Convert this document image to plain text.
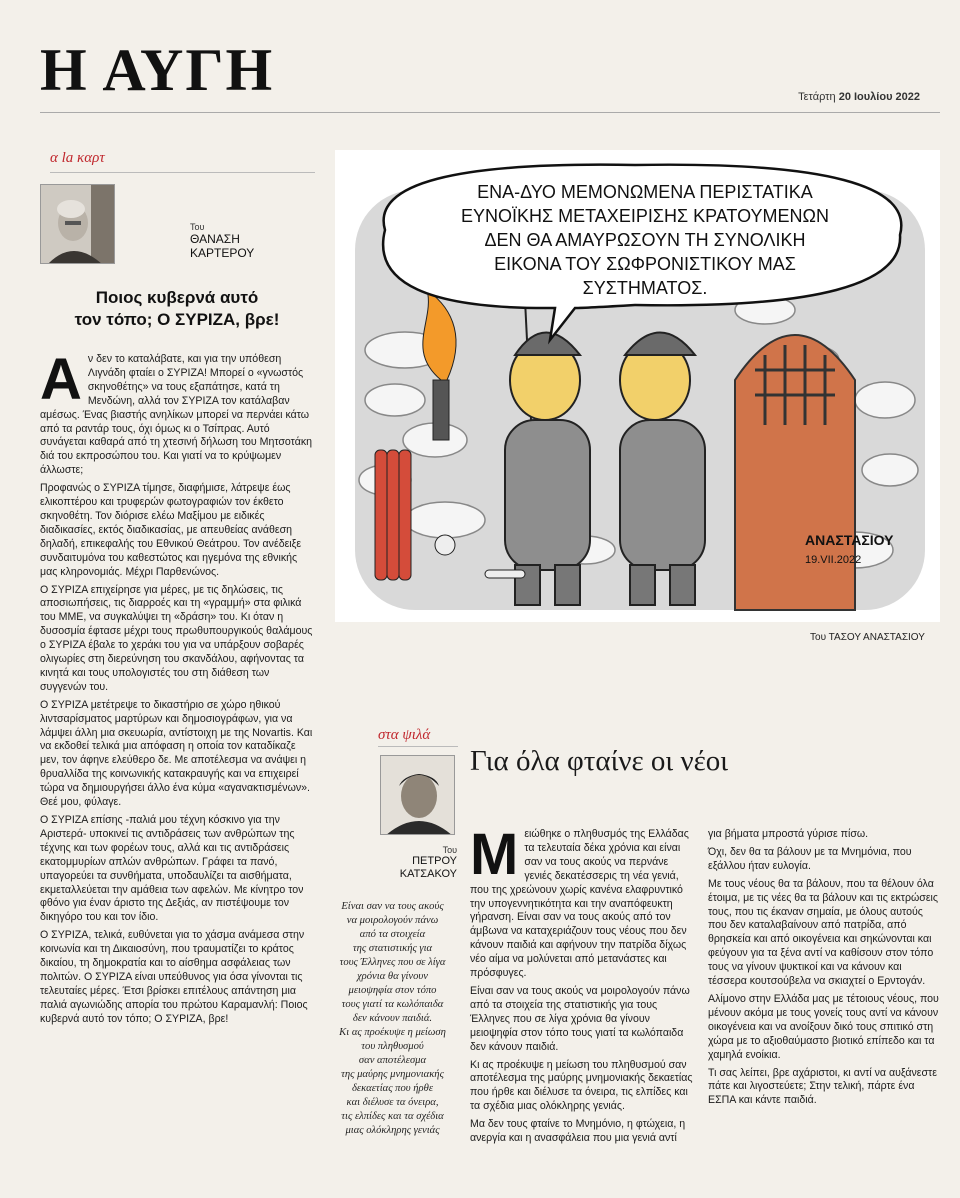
Η ΑΥΓΗ	Τετάρτη 20 Ιουλίου 2022
α la καρτ
Του
ΘΑΝΑΣΗ
ΚΑΡΤΕΡΟΥ
Ποιος κυβερνά αυτό
τον τόπο; Ο ΣΥΡΙΖΑ, βρε!
Α ν δεν το καταλάβατε, και για την υπόθεση Λιγνάδη φταίει ο ΣΥΡΙΖΑ! Μπορεί ο «γνωστός σκηνοθέτης» να τους εξαπάτησε, κατά τη Μενδώνη, αλλά τον ΣΥΡΙΖΑ τον κατάλαβαν αμέσως. Ένας βιαστής ανηλίκων μπορεί να περνάει κάτω από τα ραντάρ τους, όχι όμως κι ο Τσίπρας. Αυτό συνάγεται καθαρά από τη χτεσινή δήλωση του Μητσοτάκη διά του εκπροσώπου του. Και γιατί να το κρύψωμεν άλλωστε;

Προφανώς ο ΣΥΡΙΖΑ τίμησε, διαφήμισε, λάτρεψε έως ελικοπτέρου και τρυφερών φωτογραφιών τον έκθετο σκηνοθέτη. Τον διόρισε ελέω Μαξίμου με ειδικές διαδικασίες, εκτός διαδικασίας, με απευθείας ανάθεση δηλαδή, επικεφαλής του Εθνικού Θεάτρου. Τον ανέδειξε συνδαιτυμόνα του καθεστώτος και ηγεμόνα της εθνικής μας κληρονομιάς. Μέχρι Παρθενώνος.

Ο ΣΥΡΙΖΑ επιχείρησε για μέρες, με τις δηλώσεις, τις αποσιωπήσεις, τις διαρροές και τη «γραμμή» στα φιλικά του ΜΜΕ, να συγκαλύψει τη «δράση» του. Κι όταν η δυσοσμία έφτασε μέχρι τους πρωθυπουργικούς θαλάμους ο ΣΥΡΙΖΑ έβαλε το χεράκι του για να υπάρξουν σοβαρές ολιγωρίες στη διερεύνηση του σκανδάλου, αφήνοντας τα κινητά και τους υπολογιστές του στη διάθεση των συγγενών του.

Ο ΣΥΡΙΖΑ μετέτρεψε το δικαστήριο σε χώρο ηθικού λιντσαρίσματος μαρτύρων και δημοσιογράφων, για να λάμψει άλλη μια σκευωρία, αντίστοιχη με της Novartis. Και να εκδοθεί τελικά μια απόφαση η οποία τον καταδίκαζε μεν, τον άφηνε ελεύθερο δε. Με αποτέλεσμα να ανάψει η θρυαλλίδα της κοινωνικής κατακραυγής και να επιχειρεί τώρα να δημιουργήσει άλλο ένα κύμα «αγανακτισμένων». Θεέ μου, φύλαγε.

Ο ΣΥΡΙΖΑ επίσης -παλιά μου τέχνη κόσκινο για την Αριστερά- υποκινεί τις αντιδράσεις των ανθρώπων της τέχνης και των φορέων τους, αλλά και τις αντιδράσεις εκατομμυρίων απλών ανθρώπων. Γράφει τα πανό, υπαγορεύει τα συνθήματα, υποδαυλίζει τα αισθήματα, εκμεταλλεύεται την αμάθεια των αφελών. Με κίνητρο τον φθόνο για έναν άριστο της Δεξιάς, αν πιστέψουμε τον δικηγόρο του και τον ίδιο.

Ο ΣΥΡΙΖΑ, τελικά, ευθύνεται για το χάσμα ανάμεσα στην κοινωνία και τη Δικαιοσύνη, που τραυματίζει το κράτος δικαίου, τη δημοκρατία και το αίσθημα ασφάλειας των πολιτών. Ο ΣΥΡΙΖΑ είναι υπεύθυνος για όσα γίνονται τις τελευταίες μέρες. Έτσι βρίσκει επιτέλους απάντηση μια παλιά αγωνιώδης απορία του πρώτου Καραμανλή: Ποιος κυβερνά αυτό τον τόπο; Ο ΣΥΡΙΖΑ, βρε!

ΕΝΑ-ΔΥΟ ΜΕΜΟΝΩΜΕΝΑ ΠΕΡΙΣΤΑΤΙΚΑ
ΕΥΝΟΪΚΗΣ ΜΕΤΑΧΕΙΡΙΣΗΣ ΚΡΑΤΟΥΜΕΝΩΝ
ΔΕΝ ΘΑ ΑΜΑΥΡΩΣΟΥΝ ΤΗ ΣΥΝΟΛΙΚΗ
ΕΙΚΟΝΑ ΤΟΥ ΣΩΦΡΟΝΙΣΤΙΚΟΥ ΜΑΣ
ΣΥΣΤΗΜΑΤΟΣ.
ΑΝΑΣΤΑΣΙΟΥ
19.VII.2022
Του ΤΑΣΟΥ ΑΝΑΣΤΑΣΙΟΥ
στα ψιλά
Για όλα φταίνε οι νέοι
Του
ΠΕΤΡΟΥ
ΚΑΤΣΑΚΟΥ

Είναι σαν να τους ακούς

να μοιρολογούν πάνω

από τα στοιχεία

της στατιστικής για

τους Έλληνες που σε λίγα

χρόνια θα γίνουν

μειοψηφία στον τόπο

τους γιατί τα κωλόπαιδα

δεν κάνουν παιδιά.

Κι ας προέκυψε η μείωση

του πληθυσμού

σαν αποτέλεσμα

της μαύρης μνημονιακής

δεκαετίας που ήρθε

και διέλυσε τα όνειρα,

τις ελπίδες και τα σχέδια

μιας ολόκληρης γενιάς

Μ ειώθηκε ο πληθυσμός της Ελλάδας τα τελευταία δέκα χρόνια και είναι σαν να τους ακούς να περνάνε γενιές δεκατέσσερις τη νέα γενιά, που της χρεώνουν χωρίς κανένα ελαφρυντικό την υπογεννητικότητα και την αναπόφευκτη γήρανση. Είναι σαν να τους ακούς από τον άμβωνα να καταχεριάζουν τους νέους που δεν κάνουν παιδιά και αφήνουν την πατρίδα δίχως νέο αίμα να μολύνεται από μετανάστες και πρόσφυγες.

Είναι σαν να τους ακούς να μοιρολογούν πάνω από τα στοιχεία της στατιστικής για τους Έλληνες που σε λίγα χρόνια θα γίνουν μειοψηφία στον τόπο τους γιατί τα κωλόπαιδα δεν κάνουν παιδιά.

Κι ας προέκυψε η μείωση του πληθυσμού σαν αποτέλεσμα της μαύρης μνημονιακής δεκαετίας που ήρθε και διέλυσε τα όνειρα, τις ελπίδες και τα σχέδια μιας ολόκληρης γενιάς.

Μα δεν τους φταίνε το Μνημόνιο, η φτώχεια, η ανεργία και η ανασφάλεια που μια γενιά αντί

για βήματα μπροστά γύρισε πίσω.

Όχι, δεν θα τα βάλουν με τα Μνημόνια, που εξάλλου ήταν ευλογία.

Με τους νέους θα τα βάλουν, που τα θέλουν όλα έτοιμα, με τις νέες θα τα βάλουν και τις εκτρώσεις τους, που τις έκαναν σημαία, με όλους αυτούς που δεν καταλαβαίνουν από πατρίδα, από θρησκεία και από οικογένεια και σηκώνονται και φεύγουν για τα ξένα αντί να καθίσουν στον τόπο τους να γίνουν ψυκτικοί και να κάνουν και τέσσερα κουτσούβελα να σκιαχτεί ο Ερντογάν.

Αλίμονο στην Ελλάδα μας με τέτοιους νέους, που μένουν ακόμα με τους γονείς τους αντί να κάνουν οικογένεια και να ανοίξουν δικό τους σπιτικό στη χώρα με το αξιοθαύμαστο βιοτικό επίπεδο και τα χαμηλά ενοίκια.

Τι σας λείπει, βρε αχάριστοι, κι αντί να αυξάνεστε πάτε και λιγοστεύετε; Στην τελική, πάρτε ένα ΕΣΠΑ και κάντε παιδιά.
